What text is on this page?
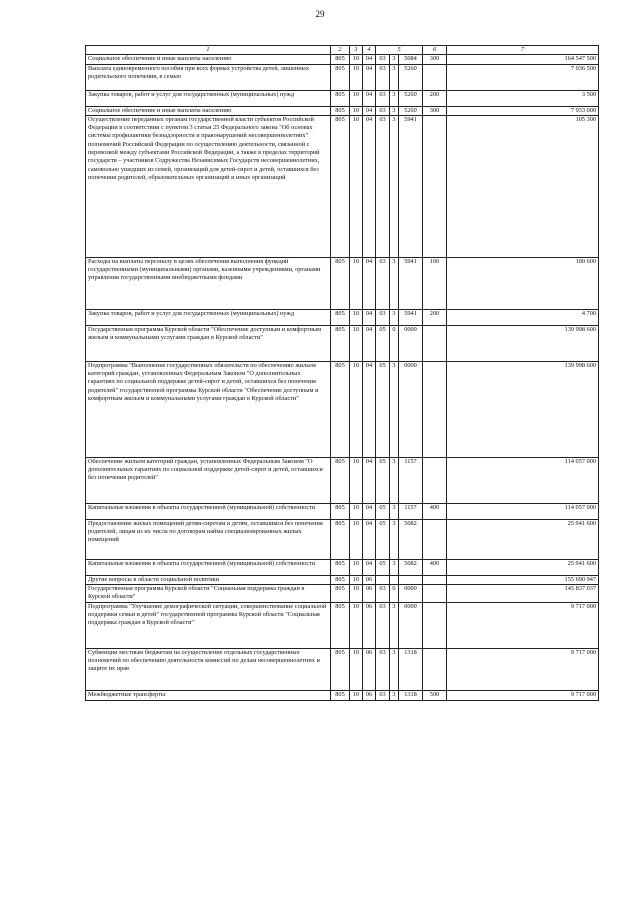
29
1	2	3	4	5			6	7
Социальное обеспечение и иные выплаты населению	805	10	04	03	3	5084	300	164 547 500
Выплата единовременного пособия при всех формах устройства детей, лишенных родительского попечения, в семью	805	10	04	03	3	5260		7 936 500
Закупка товаров, работ и услуг для государственных (муниципальных) нужд	805	10	04	03	3	5260	200	3 500
Социальное обеспечение и иные выплаты населению	805	10	04	03	3	5260	300	7 933 000
Осуществление переданных органам государственной власти субъектов Российской Федерации в соответствии с пунктом 3 статьи 25 Федерального закона "Об основах системы профилактики безнадзорности и правонарушений несовершеннолетних" полномочий Российской Федерации по осуществлению деятельности, связанной с перевозкой между субъектами Российской Федерации, а также в пределах территорий государств – участников Содружества Независимых Государств несовершеннолетних, самовольно ушедших из семей, организаций для детей-сирот и детей, оставшихся без попечения родителей, образовательных организаций и иных организаций	805	10	04	03	3	5941		105 300
Расходы на выплаты персоналу в целях обеспечения выполнения функций государственными (муниципальными) органами, казенными учреждениями, органами управления государственными внебюджетными фондами	805	10	04	03	3	5941	100	100 600
Закупка товаров, работ и услуг для государственных (муниципальных) нужд	805	10	04	03	3	5941	200	4 700
Государственная программа Курской области "Обеспечение доступным и комфортным жильем и коммунальными услугами граждан в Курской области"	805	10	04	05	0	0000		139 998 600
Подпрограмма "Выполнение государственных обязательств по обеспечению жильем категорий граждан, установленных Федеральным Законом "О дополнительных гарантиях по социальной поддержке детей-сирот и детей, оставшихся без попечения родителей" государственной программы Курской области "Обеспечение доступным и комфортным жильем и коммунальными услугами граждан в Курской области"	805	10	04	05	3	0000		139 998 600
Обеспечение жильем категорий граждан, установленных Федеральным Законом "О дополнительных гарантиях по социальной поддержке детей-сирот и детей, оставшихся без попечения родителей"	805	10	04	05	3	1157		114 057 000
Капитальные вложения в объекты государственной (муниципальной) собственности	805	10	04	05	3	1157	400	114 057 000
Предоставление жилых помещений детям-сиротам и детям, оставшимся без попечения родителей, лицам из их числа по договорам найма специализированных жилых помещений	805	10	04	05	3	5082		25 941 600
Капитальные вложения в объекты государственной (муниципальной) собственности	805	10	04	05	3	5082	400	25 941 600
Другие вопросы в области социальной политики	805	10	06					155 690 947
Государственная программа Курской области "Социальная поддержка граждан в Курской области"	805	10	06	03	0	0000		145 837 037
Подпрограмма "Улучшение демографической ситуации, совершенствование социальной поддержки семьи и детей" государственной программы Курской области "Социальная поддержка граждан в Курской области"	805	10	06	03	3	0000		9 717 000
Субвенции местным бюджетам на осуществление отдельных государственных полномочий по обеспечению деятельности комиссий по делам несовершеннолетних и защите их прав	805	10	06	03	3	1318		9 717 000
Межбюджетные трансферты	805	10	06	03	3	1318	500	9 717 000
